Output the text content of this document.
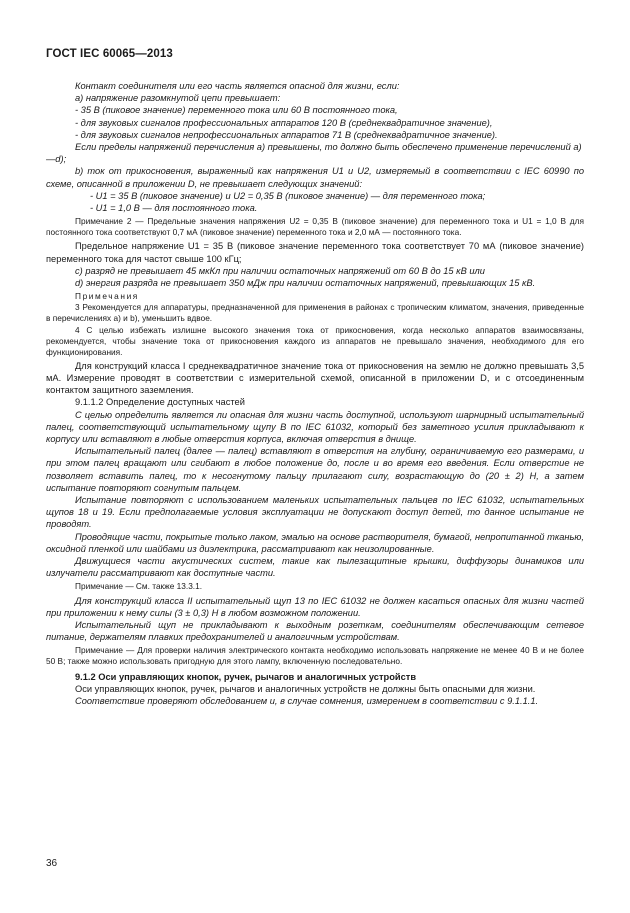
ГОСТ IEC 60065—2013

Контакт соединителя или его часть является опасной для жизни, если:

a) напряжение разомкнутой цепи превышает:

- 35 В (пиковое значение) переменного тока или 60 В постоянного тока,

- для звуковых сигналов профессиональных аппаратов 120 В (среднеквадратичное значение),

- для звуковых сигналов непрофессиональных аппаратов 71 В (среднеквадратичное значение).

Если пределы напряжений перечисления a) превышены, то должно быть обеспечено применение перечислений a)—d);

b) ток от прикосновения, выраженный как напряжения U1 и U2, измеряемый в соответствии с IEC 60990 по схеме, описанной в приложении D, не превышает следующих значений:

- U1 = 35 В (пиковое значение) и U2 = 0,35 В (пиковое значение) — для переменного тока;

- U1 = 1,0 В — для постоянного тока.

Примечание 2 — Предельные значения напряжения U2 = 0,35 В (пиковое значение) для переменного тока и U1 = 1,0 В для постоянного тока соответствуют 0,7 мА (пиковое значение) переменного тока и 2,0 мА — постоянного тока.

Предельное напряжение U1 = 35 В (пиковое значение переменного тока соответствует 70 мА (пиковое значение) переменного тока для частот свыше 100 кГц;

c) разряд не превышает 45 мкКл при наличии остаточных напряжений от 60 В до 15 кВ или

d) энергия разряда не превышает 350 мДж при наличии остаточных напряжений, превышающих 15 кВ.

Примечания

3 Рекомендуется для аппаратуры, предназначенной для применения в районах с тропическим климатом, значения, приведенные в перечислениях a) и b), уменьшить вдвое.

4 С целью избежать излишне высокого значения тока от прикосновения, когда несколько аппаратов взаимосвязаны, рекомендуется, чтобы значение тока от прикосновения каждого из аппаратов не превышало значения, необходимого для его функционирования.

Для конструкций класса I среднеквадратичное значение тока от прикосновения на землю не должно превышать 3,5 мА. Измерение проводят в соответствии с измерительной схемой, описанной в приложении D, и с отсоединенным контактом защитного заземления.

9.1.1.2 Определение доступных частей

С целью определить является ли опасная для жизни часть доступной, используют шарнирный испытательный палец, соответствующий испытательному щупу B по IEC 61032, который без заметного усилия прикладывают к корпусу или вставляют в любые отверстия корпуса, включая отверстия в днище.

Испытательный палец (далее — палец) вставляют в отверстия на глубину, ограничиваемую его размерами, и при этом палец вращают или сгибают в любое положение до, после и во время его введения. Если отверстие не позволяет вставить палец, то к несогнутому пальцу прилагают силу, возрастающую до (20 ± 2) Н, а затем испытание повторяют согнутым пальцем.

Испытание повторяют с использованием маленьких испытательных пальцев по IEC 61032, испытательных щупов 18 и 19. Если предполагаемые условия эксплуатации не допускают доступ детей, то данное испытание не проводят.

Проводящие части, покрытые только лаком, эмалью на основе растворителя, бумагой, непропитанной тканью, оксидной пленкой или шайбами из диэлектрика, рассматривают как неизолированные.

Движущиеся части акустических систем, такие как пылезащитные крышки, диффузоры динамиков или излучатели рассматривают как доступные части.

Примечание — См. также 13.3.1.

Для конструкций класса II испытательный щуп 13 по IEC 61032 не должен касаться опасных для жизни частей при приложении к нему силы (3 ± 0,3) Н в любом возможном положении.

Испытательный щуп не прикладывают к выходным розеткам, соединителям обеспечивающим сетевое питание, держателям плавких предохранителей и аналогичным устройствам.

Примечание — Для проверки наличия электрического контакта необходимо использовать напряжение не менее 40 В и не более 50 В; также можно использовать пригодную для этого лампу, включенную последовательно.

9.1.2 Оси управляющих кнопок, ручек, рычагов и аналогичных устройств

Оси управляющих кнопок, ручек, рычагов и аналогичных устройств не должны быть опасными для жизни.

Соответствие проверяют обследованием и, в случае сомнения, измерением в соответствии с 9.1.1.1.

36
